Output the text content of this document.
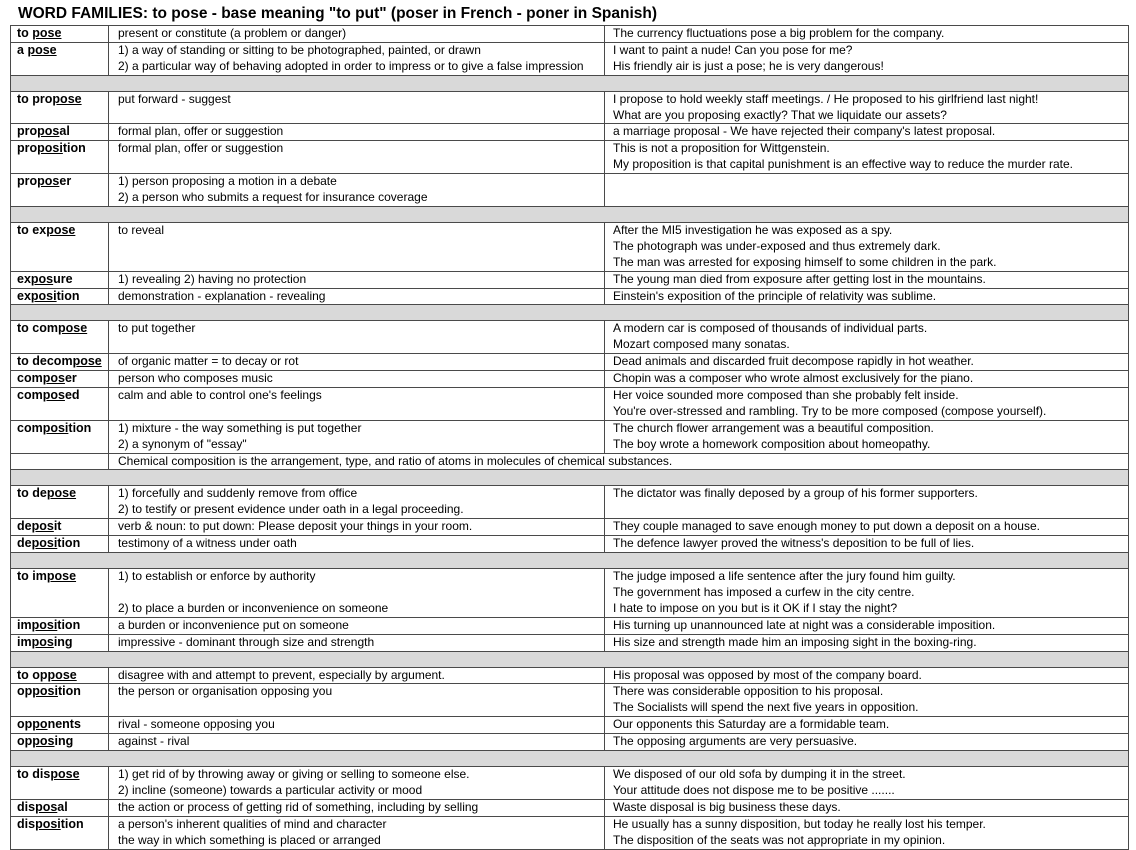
WORD FAMILIES: to pose - base meaning "to put" (poser in French - poner in Spanish)
to pose	present or constitute (a problem or danger)	The currency fluctuations pose a big problem for the company.

a pose	1) a way of standing or sitting to be photographed, painted, or drawn
2) a particular way of behaving adopted in order to impress or to give a false impression	I want to paint a nude! Can you pose for me?
His friendly air is just a pose; he is very dangerous!

to propose	put forward - suggest	I propose to hold weekly staff meetings. / He proposed to his girlfriend last night!
What are you proposing exactly? That we liquidate our assets?

proposal	formal plan, offer or suggestion	a marriage proposal - We have rejected their company's latest proposal.

proposition	formal plan, offer or suggestion	This is not a proposition for Wittgenstein.
My proposition is that capital punishment is an effective way to reduce the murder rate.

proposer	1) person proposing a motion in a debate
2) a person who submits a request for insurance coverage	

to expose	to reveal	After the MI5 investigation he was exposed as a spy.
The photograph was under-exposed and thus extremely dark.
The man was arrested for exposing himself to some children in the park.

exposure	1) revealing 2) having no protection	The young man died from exposure after getting lost in the mountains.

exposition	demonstration - explanation - revealing	Einstein's exposition of the principle of relativity was sublime.

to compose	to put together	A modern car is composed of thousands of individual parts.
Mozart composed many sonatas.

to decompose	of organic matter = to decay or rot	Dead animals and discarded fruit decompose rapidly in hot weather.

composer	person who composes music	Chopin was a composer who wrote almost exclusively for the piano.

composed	calm and able to control one's feelings	Her voice sounded more composed than she probably felt inside.
You're over-stressed and rambling. Try to be more composed (compose yourself).

composition	1) mixture - the way something is put together
2) a synonym of "essay"	The church flower arrangement was a beautiful composition.
The boy wrote a homework composition about homeopathy.

	Chemical composition is the arrangement, type, and ratio of atoms in molecules of chemical substances.	

to depose	1) forcefully and suddenly remove from office
2) to testify or present evidence under oath in a legal proceeding.	The dictator was finally deposed by a group of his former supporters.

deposit	verb & noun: to put down: Please deposit your things in your room.	They couple managed to save enough money to put down a deposit on a house.

deposition	testimony of a witness under oath	The defence lawyer proved the witness's deposition to be full of lies.

to impose	1) to establish or enforce by authority
2) to place a burden or inconvenience on someone	The judge imposed a life sentence after the jury found him guilty.
The government has imposed a curfew in the city centre.
I hate to impose on you but is it OK if I stay the night?

imposition	a burden or inconvenience put on someone	His turning up unannounced late at night was a considerable imposition.

imposing	impressive - dominant through size and strength	His size and strength made him an imposing sight in the boxing-ring.

to oppose	disagree with and attempt to prevent, especially by argument.	His proposal was opposed by most of the company board.

opposition	the person or organisation opposing you	There was considerable opposition to his proposal.
The Socialists will spend the next five years in opposition.

opponents	rival - someone opposing you	Our opponents this Saturday are a formidable team.

opposing	against - rival	The opposing arguments are very persuasive.

to dispose	1) get rid of by throwing away or giving or selling to someone else.
2) incline (someone) towards a particular activity or mood	We disposed of our old sofa by dumping it in the street.
Your attitude does not dispose me to be positive .......

disposal	the action or process of getting rid of something, including by selling	Waste disposal is big business these days.

disposition	a person's inherent qualities of mind and character
the way in which something is placed or arranged	He usually has a sunny disposition, but today he really lost his temper.
The disposition of the seats was not appropriate in my opinion.
